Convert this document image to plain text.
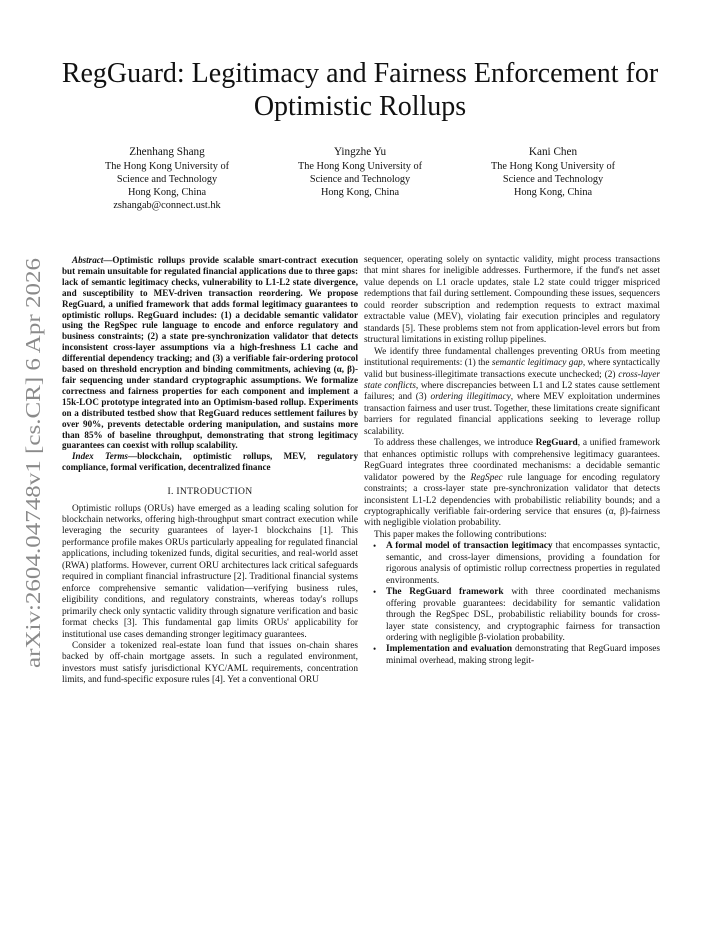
arXiv:2604.04748v1 [cs.CR] 6 Apr 2026
RegGuard: Legitimacy and Fairness Enforcement for Optimistic Rollups
Zhenhang Shang
The Hong Kong University of
Science and Technology
Hong Kong, China
zshangab@connect.ust.hk
Yingzhe Yu
The Hong Kong University of
Science and Technology
Hong Kong, China
Kani Chen
The Hong Kong University of
Science and Technology
Hong Kong, China

Abstract—Optimistic rollups provide scalable smart-contract execution but remain unsuitable for regulated financial applications due to three gaps: lack of semantic legitimacy checks, vulnerability to L1-L2 state divergence, and susceptibility to MEV-driven transaction reordering. We propose RegGuard, a unified framework that adds formal legitimacy guarantees to optimistic rollups. RegGuard includes: (1) a decidable semantic validator using the RegSpec rule language to encode and enforce regulatory and business constraints; (2) a state pre-synchronization validator that detects inconsistent cross-layer assumptions via a high-freshness L1 cache and differential dependency tracking; and (3) a verifiable fair-ordering protocol based on threshold encryption and binding commitments, achieving (α, β)-fair sequencing under standard cryptographic assumptions. We formalize correctness and fairness properties for each component and implement a 15k-LOC prototype integrated into an Optimism-based rollup. Experiments on a distributed testbed show that RegGuard reduces settlement failures by over 90%, prevents detectable ordering manipulation, and sustains more than 85% of baseline throughput, demonstrating that strong legitimacy guarantees can coexist with rollup scalability.

Index Terms—blockchain, optimistic rollups, MEV, regulatory compliance, formal verification, decentralized finance

I. INTRODUCTION

Optimistic rollups (ORUs) have emerged as a leading scaling solution for blockchain networks, offering high-throughput smart contract execution while leveraging the security guarantees of layer-1 blockchains [1]. This performance profile makes ORUs particularly appealing for regulated financial applications, including tokenized funds, digital securities, and real-world asset (RWA) platforms. However, current ORU architectures lack critical safeguards required in compliant financial infrastructure [2]. Traditional financial systems enforce comprehensive semantic validation—verifying business rules, eligibility conditions, and regulatory constraints, whereas today's rollups primarily check only syntactic validity through signature verification and basic format checks [3]. This fundamental gap limits ORUs' applicability for institutional use cases demanding stronger legitimacy guarantees.

Consider a tokenized real-estate loan fund that issues on-chain shares backed by off-chain mortgage assets. In such a regulated environment, investors must satisfy jurisdictional KYC/AML requirements, concentration limits, and fund-specific exposure rules [4]. Yet a conventional ORU

sequencer, operating solely on syntactic validity, might process transactions that mint shares for ineligible addresses. Furthermore, if the fund's net asset value depends on L1 oracle updates, stale L2 state could trigger mispriced redemptions that fail during settlement. Compounding these issues, sequencers could reorder subscription and redemption requests to extract maximal extractable value (MEV), violating fair execution principles and regulatory standards [5]. These problems stem not from application-level errors but from structural limitations in existing rollup pipelines.

We identify three fundamental challenges preventing ORUs from meeting institutional requirements: (1) the semantic legitimacy gap, where syntactically valid but business-illegitimate transactions execute unchecked; (2) cross-layer state conflicts, where discrepancies between L1 and L2 states cause settlement failures; and (3) ordering illegitimacy, where MEV exploitation undermines transaction fairness and user trust. Together, these limitations create significant barriers for regulated financial applications seeking to leverage rollup scalability.

To address these challenges, we introduce RegGuard, a unified framework that enhances optimistic rollups with comprehensive legitimacy guarantees. RegGuard integrates three coordinated mechanisms: a decidable semantic validator powered by the RegSpec rule language for encoding regulatory constraints; a cross-layer state pre-synchronization validator that detects inconsistent L1-L2 dependencies with probabilistic reliability bounds; and a cryptographically verifiable fair-ordering service that ensures (α, β)-fairness with negligible violation probability.

This paper makes the following contributions:

• A formal model of transaction legitimacy that encompasses syntactic, semantic, and cross-layer dimensions, providing a foundation for rigorous analysis of optimistic rollup correctness properties in regulated environments.
• The RegGuard framework with three coordinated mechanisms offering provable guarantees: decidability for semantic validation through the RegSpec DSL, probabilistic reliability bounds for cross-layer state consistency, and cryptographic fairness for transaction ordering with negligible β-violation probability.
• Implementation and evaluation demonstrating that RegGuard imposes minimal overhead, making strong legit-
